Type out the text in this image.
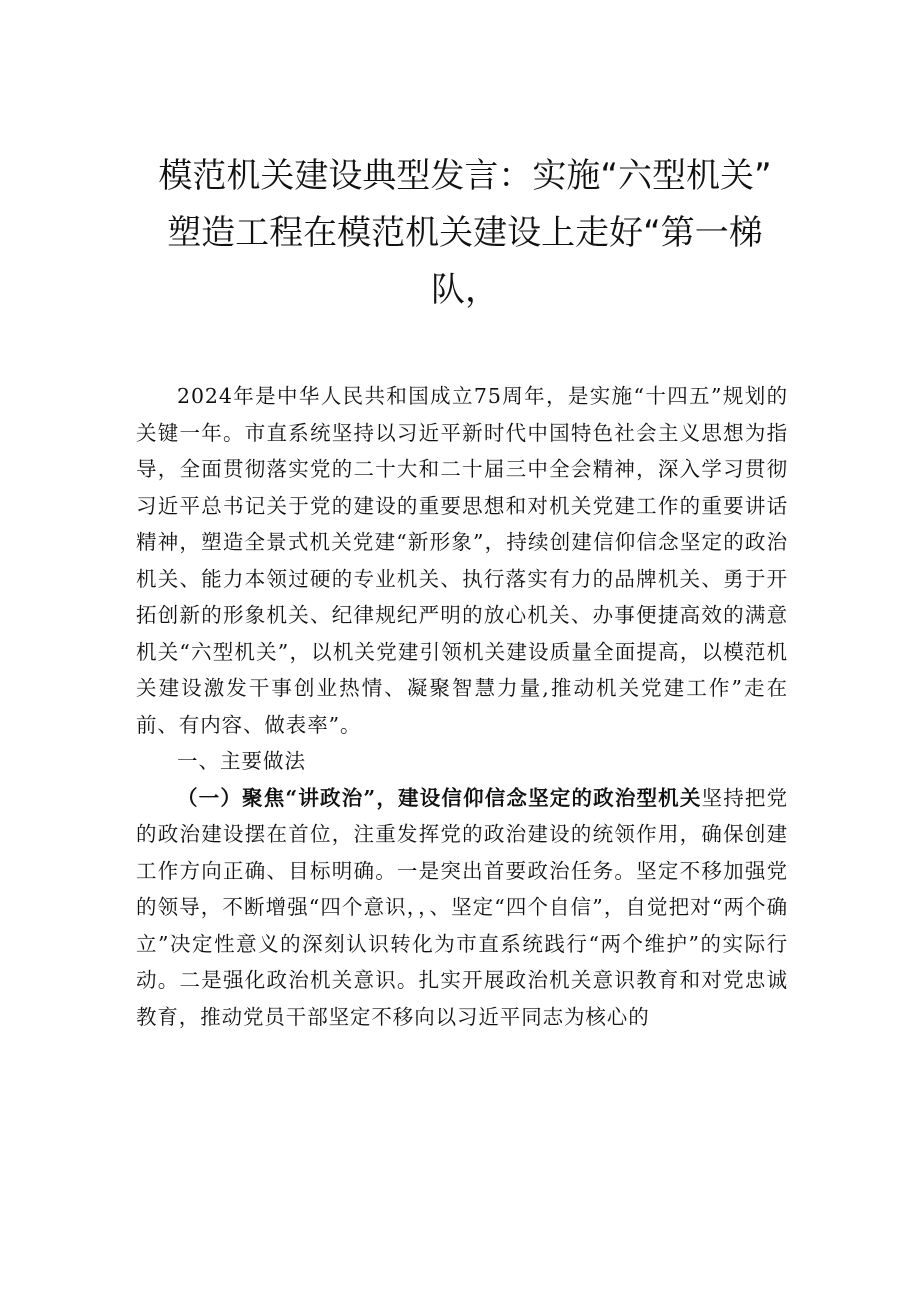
模范机关建设典型发言：实施“六型机关”
塑造工程在模范机关建设上走好“第一梯
队，

2024年是中华人民共和国成立75周年，是实施“十四五”规划的关键一年。市直系统坚持以习近平新时代中国特色社会主义思想为指导，全面贯彻落实党的二十大和二十届三中全会精神，深入学习贯彻习近平总书记关于党的建设的重要思想和对机关党建工作的重要讲话精神，塑造全景式机关党建“新形象”，持续创建信仰信念坚定的政治机关、能力本领过硬的专业机关、执行落实有力的品牌机关、勇于开拓创新的形象机关、纪律规纪严明的放心机关、办事便捷高效的满意机关“六型机关”，以机关党建引领机关建设质量全面提高，以模范机关建设激发干事创业热情、凝聚智慧力量,推动机关党建工作”走在前、有内容、做表率”。

一、主要做法

（一）聚焦“讲政治”，建设信仰信念坚定的政治型机关坚持把党的政治建设摆在首位，注重发挥党的政治建设的统领作用，确保创建工作方向正确、目标明确。一是突出首要政治任务。坚定不移加强党的领导，不断增强“四个意识，，、坚定“四个自信”，自觉把对“两个确立”决定性意义的深刻认识转化为市直系统践行“两个维护”的实际行动。二是强化政治机关意识。扎实开展政治机关意识教育和对党忠诚教育，推动党员干部坚定不移向以习近平同志为核心的
